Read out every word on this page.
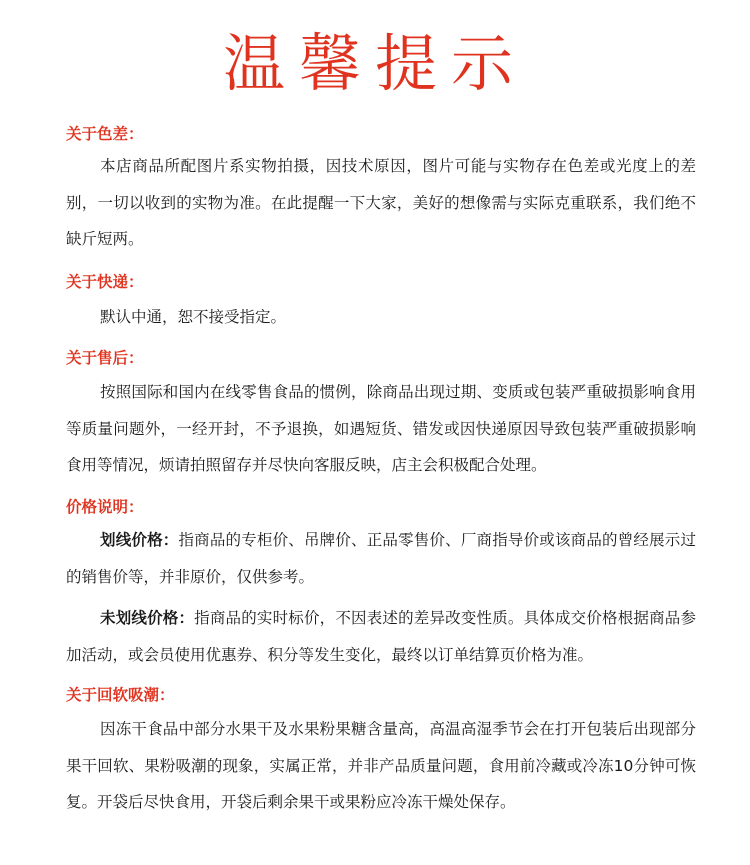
温馨提示
关于色差：

本店商品所配图片系实物拍摄，因技术原因，图片可能与实物存在色差或光度上的差别，一切以收到的实物为准。在此提醒一下大家，美好的想像需与实际克重联系，我们绝不缺斤短两。

关于快递：

默认中通，恕不接受指定。

关于售后：

按照国际和国内在线零售食品的惯例，除商品出现过期、变质或包装严重破损影响食用等质量问题外，一经开封，不予退换，如遇短货、错发或因快递原因导致包装严重破损影响食用等情况，烦请拍照留存并尽快向客服反映，店主会积极配合处理。

价格说明：

划线价格：指商品的专柜价、吊牌价、正品零售价、厂商指导价或该商品的曾经展示过的销售价等，并非原价，仅供参考。

未划线价格：指商品的实时标价，不因表述的差异改变性质。具体成交价格根据商品参加活动，或会员使用优惠券、积分等发生变化，最终以订单结算页价格为准。

关于回软吸潮：

因冻干食品中部分水果干及水果粉果糖含量高，高温高湿季节会在打开包装后出现部分果干回软、果粉吸潮的现象，实属正常，并非产品质量问题，食用前冷藏或冷冻10分钟可恢复。开袋后尽快食用，开袋后剩余果干或果粉应冷冻干燥处保存。
